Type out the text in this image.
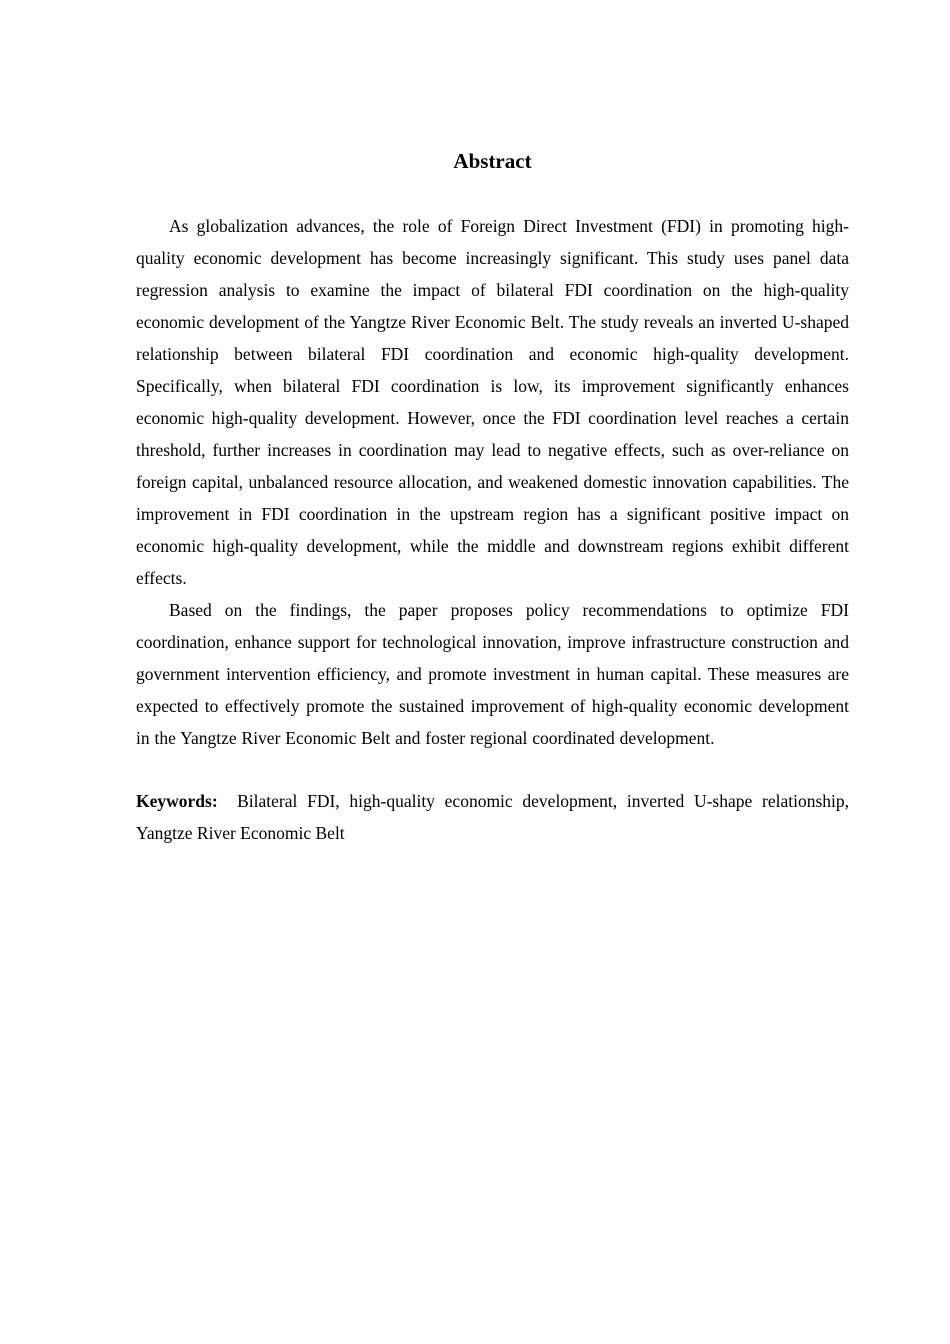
Abstract

As globalization advances, the role of Foreign Direct Investment (FDI) in promoting high-quality economic development has become increasingly significant. This study uses panel data regression analysis to examine the impact of bilateral FDI coordination on the high-quality economic development of the Yangtze River Economic Belt. The study reveals an inverted U-shaped relationship between bilateral FDI coordination and economic high-quality development. Specifically, when bilateral FDI coordination is low, its improvement significantly enhances economic high-quality development. However, once the FDI coordination level reaches a certain threshold, further increases in coordination may lead to negative effects, such as over-reliance on foreign capital, unbalanced resource allocation, and weakened domestic innovation capabilities. The improvement in FDI coordination in the upstream region has a significant positive impact on economic high-quality development, while the middle and downstream regions exhibit different effects.

Based on the findings, the paper proposes policy recommendations to optimize FDI coordination, enhance support for technological innovation, improve infrastructure construction and government intervention efficiency, and promote investment in human capital. These measures are expected to effectively promote the sustained improvement of high-quality economic development in the Yangtze River Economic Belt and foster regional coordinated development.

Keywords: Bilateral FDI, high-quality economic development, inverted U-shape relationship, Yangtze River Economic Belt
